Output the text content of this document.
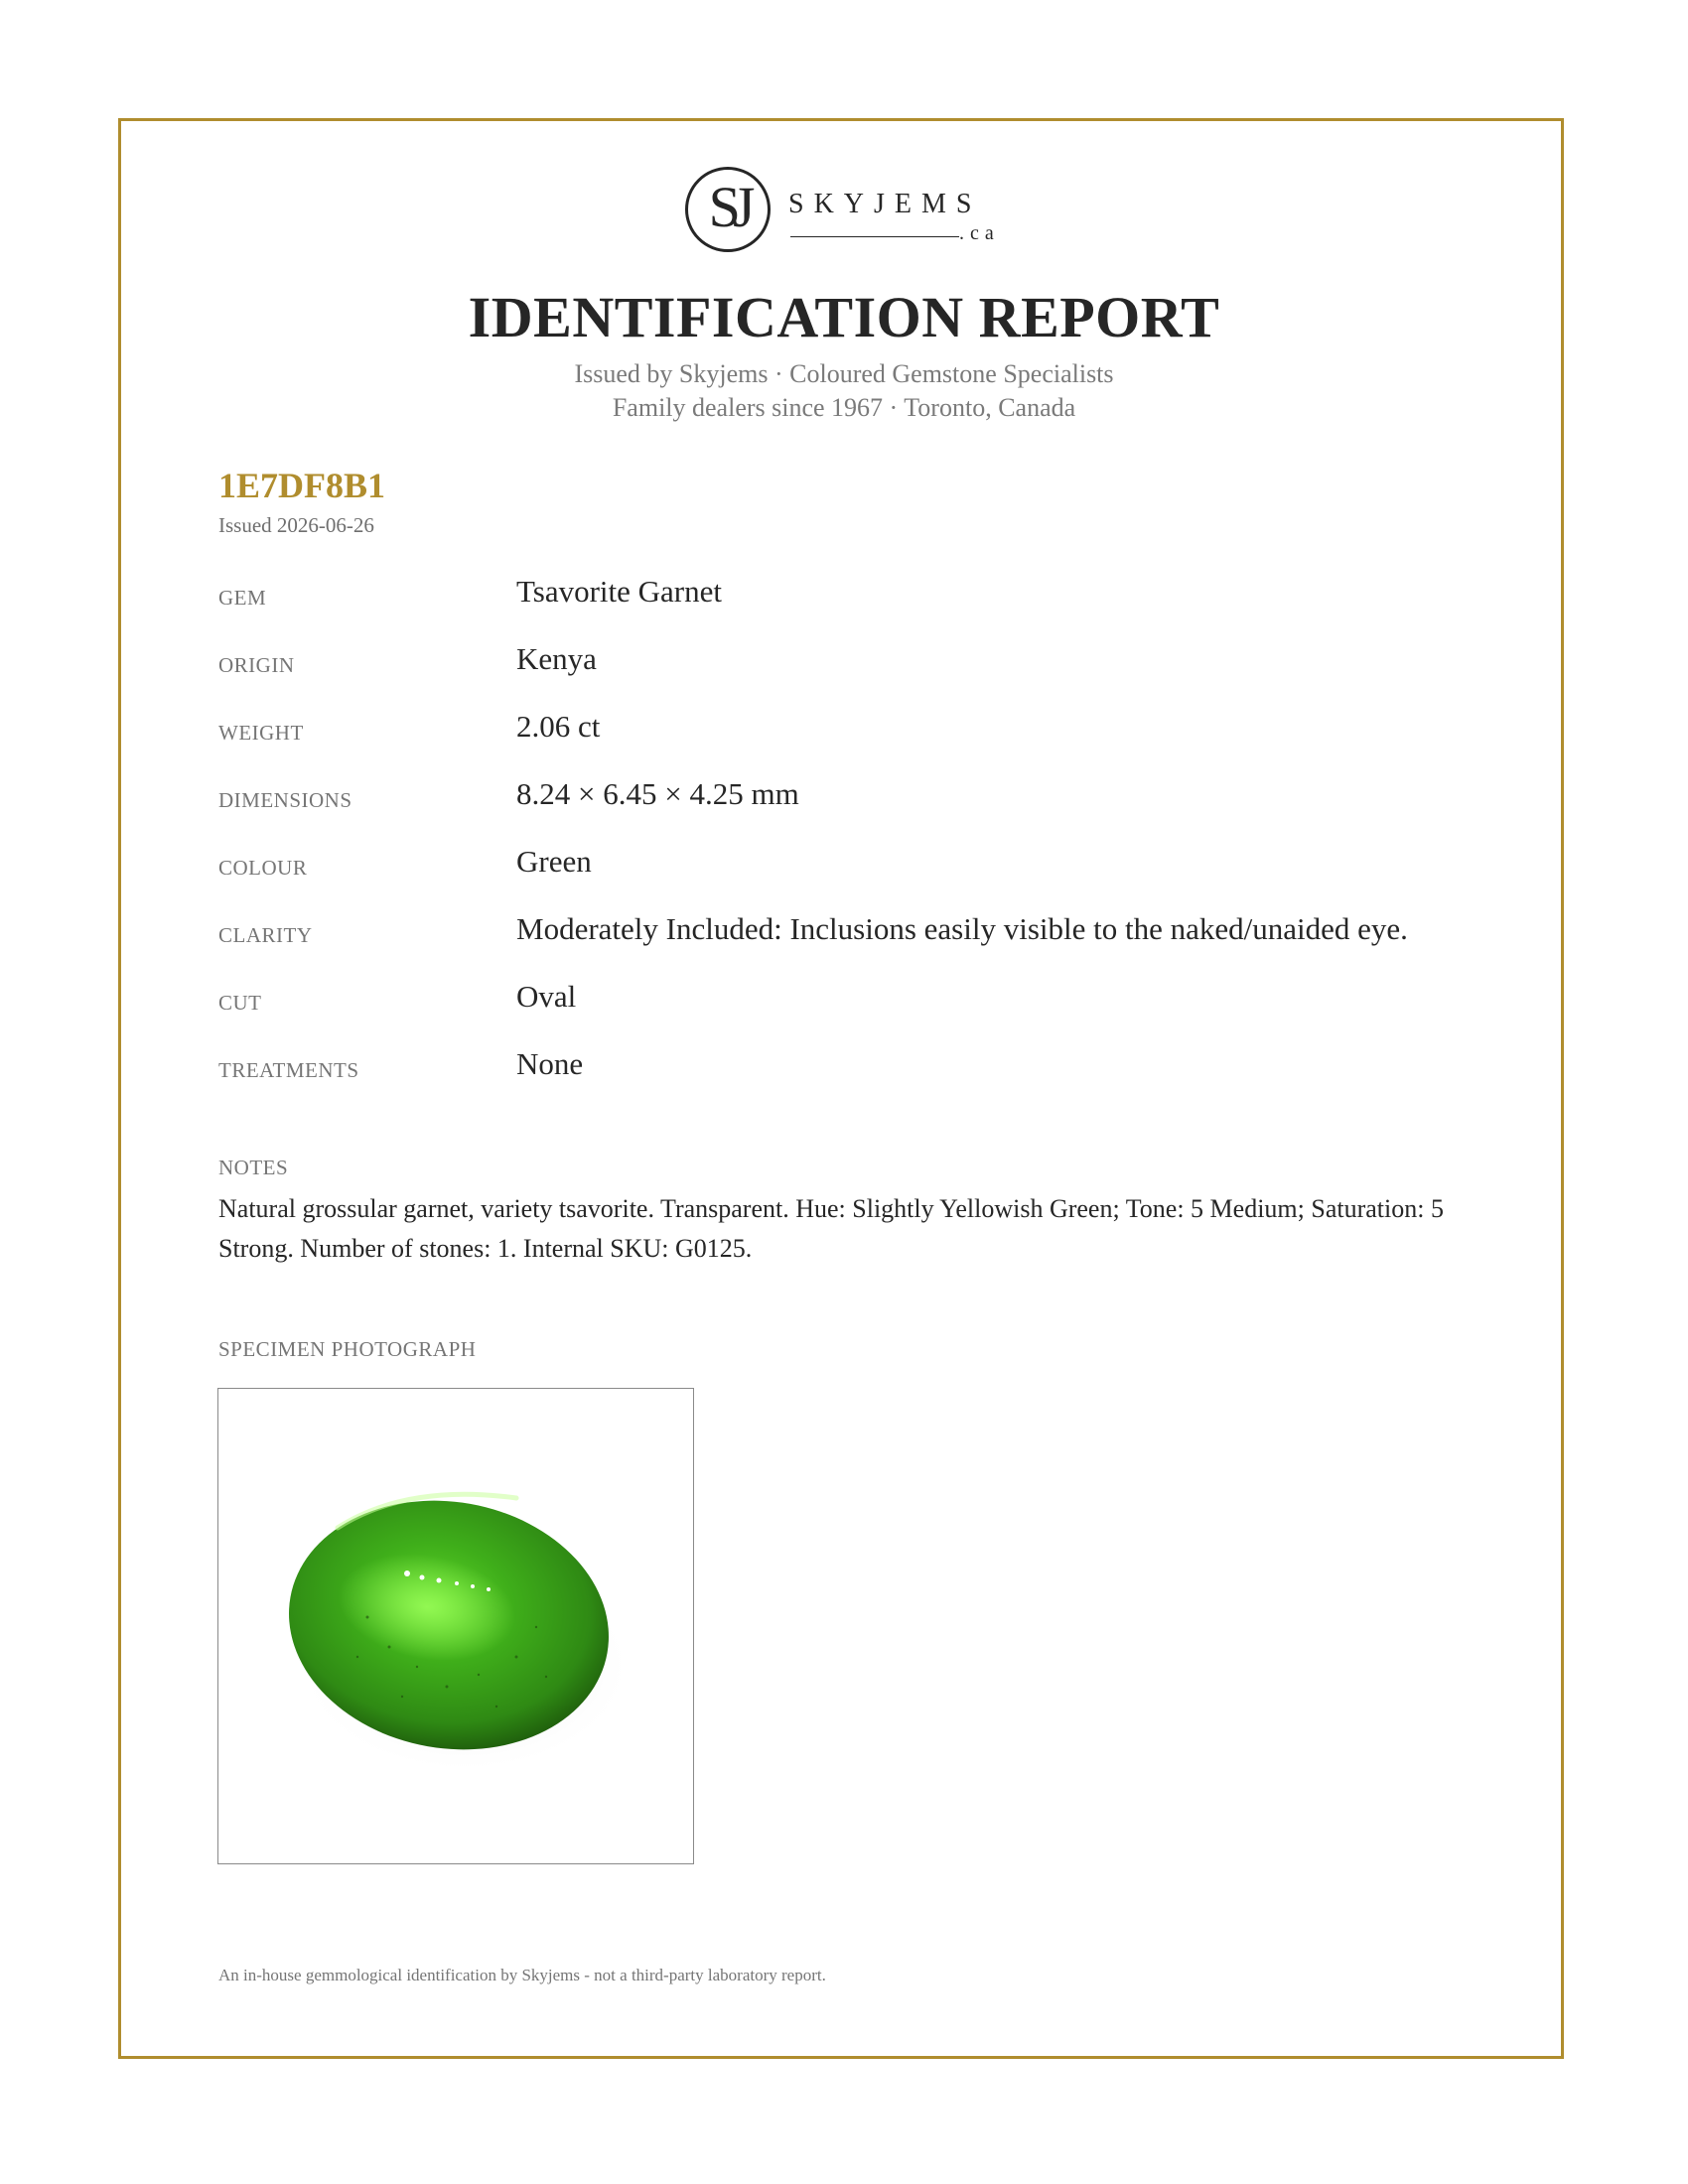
SJ	SKYJEMS
.ca
IDENTIFICATION REPORT
Issued by Skyjems · Coloured Gemstone Specialists
Family dealers since 1967 · Toronto, Canada
1E7DF8B1
Issued 2026-06-26
GEM	Tsavorite Garnet
ORIGIN	Kenya
WEIGHT	2.06 ct
DIMENSIONS	8.24 × 6.45 × 4.25 mm
COLOUR	Green
CLARITY	Moderately Included: Inclusions easily visible to the naked/unaided eye.
CUT	Oval
TREATMENTS	None
NOTES
Natural grossular garnet, variety tsavorite. Transparent. Hue: Slightly Yellowish Green; Tone: 5 Medium; Saturation: 5 Strong. Number of stones: 1. Internal SKU: G0125.
SPECIMEN PHOTOGRAPH
An in-house gemmological identification by Skyjems - not a third-party laboratory report.
